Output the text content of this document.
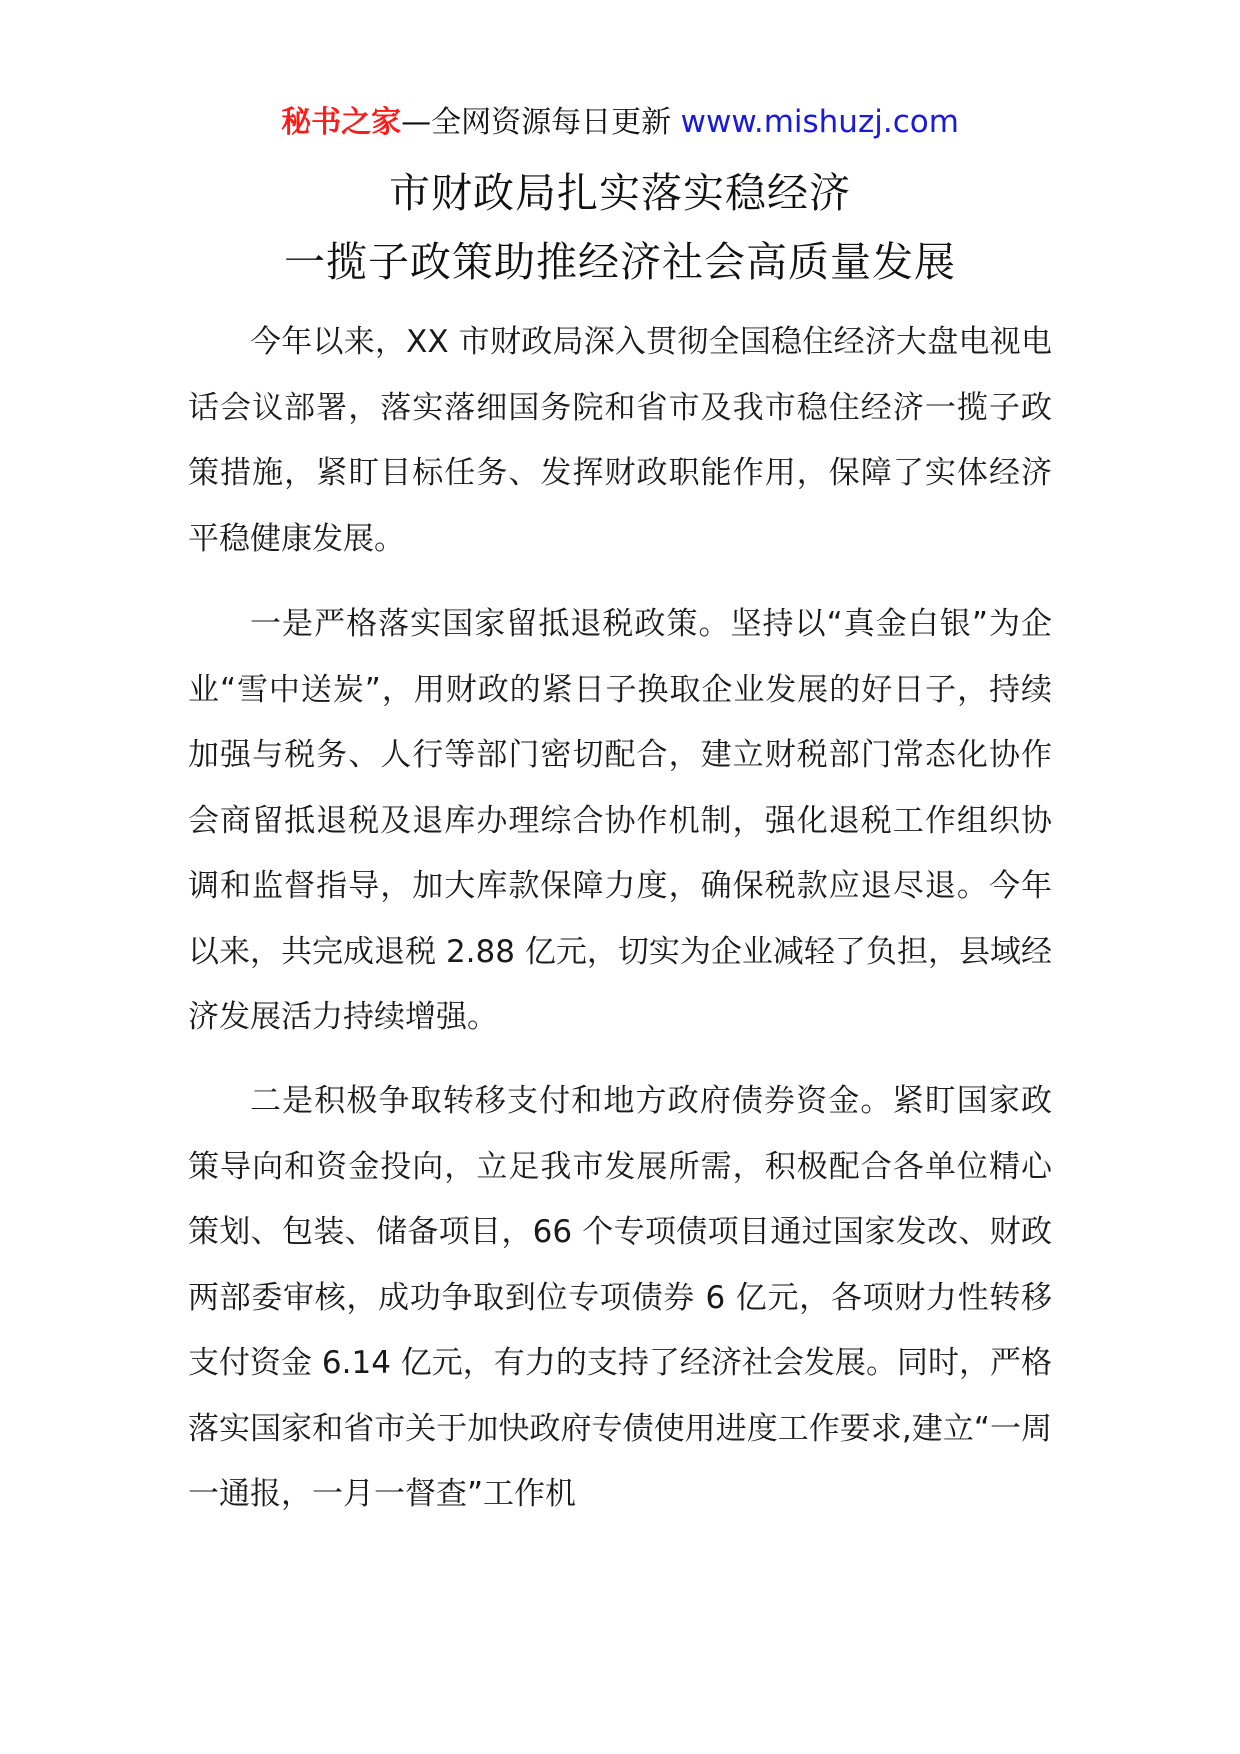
秘书之家—全网资源每日更新 www.mishuzj.com
市财政局扎实落实稳经济
一揽子政策助推经济社会高质量发展

今年以来，XX 市财政局深入贯彻全国稳住经济大盘电视电话会议部署，落实落细国务院和省市及我市稳住经济一揽子政策措施，紧盯目标任务、发挥财政职能作用，保障了实体经济平稳健康发展。

一是严格落实国家留抵退税政策。坚持以“真金白银”为企业“雪中送炭”，用财政的紧日子换取企业发展的好日子，持续加强与税务、人行等部门密切配合，建立财税部门常态化协作会商留抵退税及退库办理综合协作机制，强化退税工作组织协调和监督指导，加大库款保障力度，确保税款应退尽退。今年以来，共完成退税 2.88 亿元，切实为企业减轻了负担，县域经济发展活力持续增强。

二是积极争取转移支付和地方政府债券资金。紧盯国家政策导向和资金投向，立足我市发展所需，积极配合各单位精心策划、包装、储备项目，66 个专项债项目通过国家发改、财政两部委审核，成功争取到位专项债券 6 亿元，各项财力性转移支付资金 6.14 亿元，有力的支持了经济社会发展。同时，严格落实国家和省市关于加快政府专债使用进度工作要求,建立“一周一通报，一月一督查”工作机
